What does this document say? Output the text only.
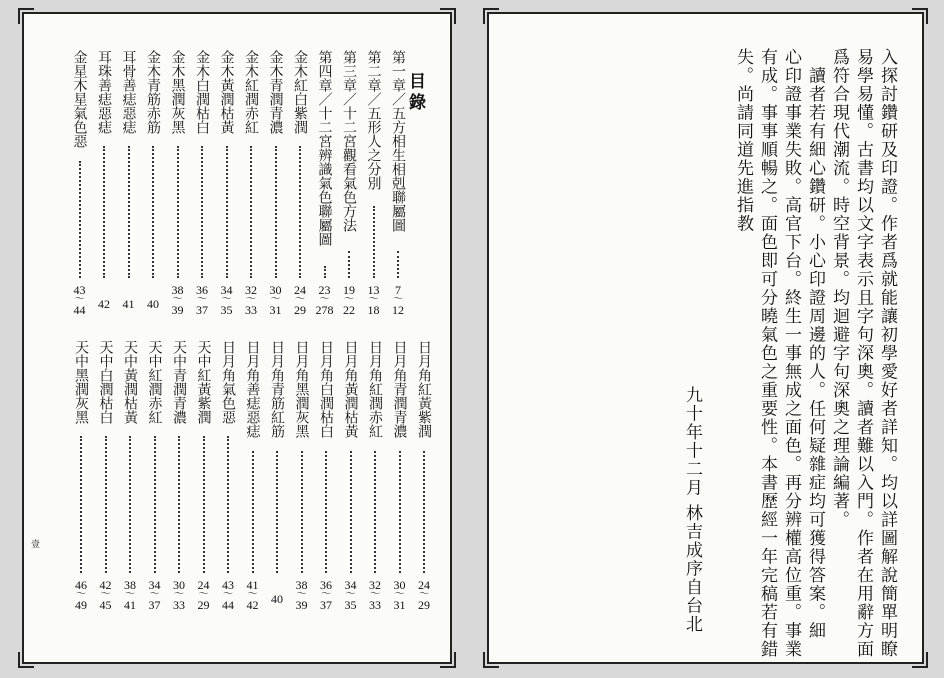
目錄
第一章／五方相生相剋聯屬圖
7
～
12
第二章／五形人之分別
13
～
18
第三章／十二宮觀看氣色方法
19
～
22
第四章／十二宮辨識氣色聯屬圖
23
～
278
金木紅白紫潤
24
～
29
金木青潤青濃
30
～
31
金木紅潤赤紅
32
～
33
金木黃潤枯黃
34
～
35
金木白潤枯白
36
～
37
金木黑潤灰黑
38
～
39
金木青筋赤筋
40
耳骨善痣惡痣
41
耳珠善痣惡痣
42
金星木星氣色惡
43
～
44
日月角紅黃紫潤
24
～
29
日月角青潤青濃
30
～
31
日月角紅潤赤紅
32
～
33
日月角黃潤枯黃
34
～
35
日月角白潤枯白
36
～
37
日月角黑潤灰黑
38
～
39
日月角青筋紅筋
40
日月角善痣惡痣
41
～
42
日月角氣色惡
43
～
44
天中紅黃紫潤
24
～
29
天中青潤青濃
30
～
33
天中紅潤赤紅
34
～
37
天中黃潤枯黃
38
～
41
天中白潤枯白
42
～
45
天中黑潤灰黑
46
～
49
壹	入探討鑽研及印證。作者爲就能讓初學愛好者詳知。均以詳圖解說簡單明瞭
易學易懂。古書均以文字表示且字句深奧。讀者難以入門。作者在用辭方面
爲符合現代潮流。時空背景。均迴避字句深奧之理論編著。
　讀者若有細心鑽研。小心印證周邊的人。任何疑雜症均可獲得答案。細
心印證事業失敗。高官下台。終生一事無成之面色。再分辨權高位重。事業
有成。事事順暢之。面色即可分曉氣色之重要性。本書歷經一年完稿若有錯
失。尚請同道先進指教
九十年十二月
林吉成序自台北
